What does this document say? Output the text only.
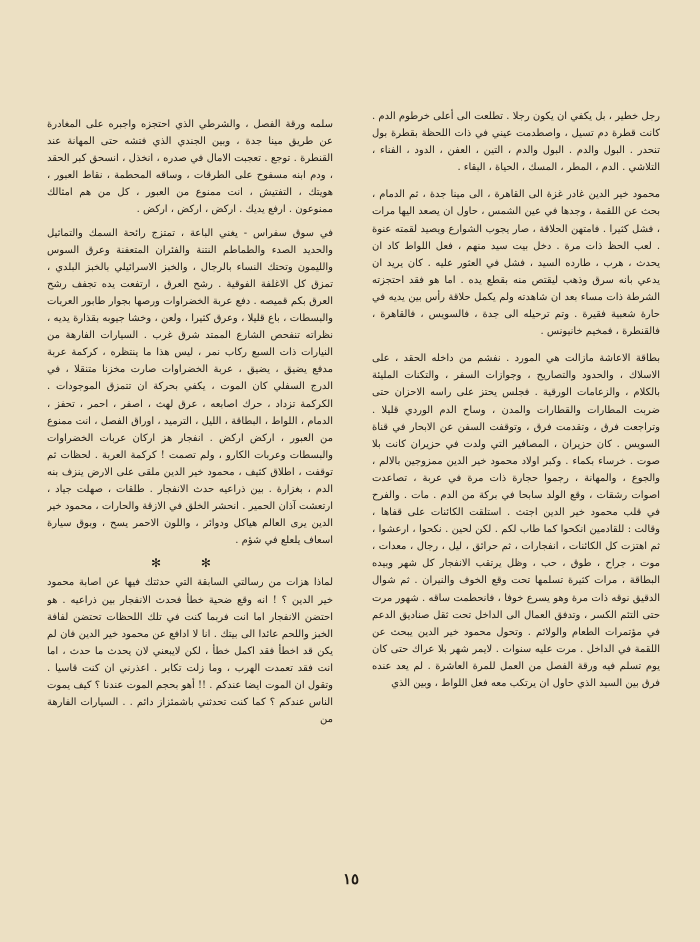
رجل خطير ، بل يكفي ان يكون رجلا . تطلعت الى أعلى خرطوم الدم . كانت قطرة دم تسيل ، واصطدمت عيني في ذات اللحظة بقطرة بول تنحدر . البول والدم . البول والدم ، التين ، العفن ، الدود ، الفناء ، التلاشي . الدم ، المطر ، المسك ، الحياة ، البقاء .

محمود خير الدين غادر غزة الى القاهرة ، الى مينا جدة ، ثم الدمام ، بحث عن اللقمة ، وجدها في عين الشمس ، حاول ان يصعد اليها مرات ، فشل كثيرا . فامتهن الحلاقة ، صار يجوب الشوارع ويصيد لقمته عنوة . لعب الحظ ذات مرة . دخل بيت سيد منهم ، فعل اللواط كاد ان يحدث ، هرب ، طارده السيد ، فشل في العثور عليه . كان يريد ان يدعي بانه سرق وذهب ليقتص منه بقطع يده . اما هو فقد احتجزته الشرطة ذات مساء بعد ان شاهدته ولم يكمل حلاقة رأس بين يديه في حارة شعبية فقيرة . وتم ترحيله الى جدة ، فالسويس ، فالقاهرة ، فالقنطرة ، فمخيم خانيونس .

بطاقة الاعاشة مازالت هي المورد . نفشم من داخله الحقد ، على الاسلاك ، والحدود والتصاريح ، وجوازات السفر ، والتكنات المليئة بالكلام ، والزعامات الورقية . فجلس يحتز على راسه الاحزان حتى ضربت المطارات والقطارات والمدن ، وساح الدم الوردي قليلا . وتراجعت فرق ، وتقدمت فرق ، وتوقفت السفن عن الابحار في قناة السويس . كان حزيران ، المصافير التي ولدت في حزيران كانت بلا صوت . خرساء بكماء . وكبر اولاد محمود خير الدين ممزوجين بالالم ، والجوع ، والمهانة ، رجموا حجارة ذات مرة في عربة ، تصاعدت اصوات رشقات ، وقع الولد سابحا في بركة من الدم . مات . والفرح في قلب محمود خير الدين اجتث . استلقت الكائنات على قفاها ، وقالت : للقادمين انكحوا كما طاب لكم . لكن لحين . نكحوا ، ارعشوا ، ثم اهتزت كل الكائنات ، انفجارات ، ثم حرائق ، ليل ، رجال ، معدات ، موت ، جراح ، طوق ، حب ، وظل يرتقب الانفجار كل شهر وبيده البطاقة ، مرات كثيرة تسلمها تحت وقع الخوف والنيران . ثم شوال الدقيق نوقه ذات مرة وهو يسرع خوفا ، فانحطمت ساقه . شهور مرت حتى التئم الكسر ، وتدفق العمال الى الداخل تحت ثقل صناديق الدعم في مؤتمرات الطعام والولائم . وتحول محمود خير الدين يبحث عن اللقمة في الداخل . مرت عليه سنوات . لايمر شهر بلا عراك حتى كان يوم تسلم فيه ورقة الفصل من العمل للمرة العاشرة . لم يعد عنده فرق بين السيد الذي حاول ان يرتكب معه فعل اللواط ، وبين الذي

سلمه ورقة الفصل ، والشرطي الذي احتجزه واجبره على المغادرة عن طريق مينا جدة ، وبين الجندي الذي فتشه حتى المهانة عند القنطرة . توجع . تعجبت الامال في صدره ، انخذل ، انسحق كبر الحقد ، ودم ابنه مسفوح على الطرقات ، وساقه المحطمة ، نقاط العبور ، هويتك ، التفتيش ، انت ممنوع من العبور ، كل من هم امثالك ممنوعون . ارفع يديك . اركض ، اركض ، اركض .

في سوق سفراس - يغني الباعة ، تمتزج رائحة السمك والتماثيل والحديد الصدء والطماطم النتنة والفئران المتعفنة وعرق السوس والليمون وتحتك النساء بالرجال ، والخبز الاسرائيلي بالخبز البلدي ، تمزق كل الاغلفة الفوقية . رشح العرق ، ارتفعت يده تجفف رشح العرق بكم قميصه . دفع عربة الخضراوات ورصها بجوار طابور العربات والبسطات ، باع قليلا ، وعرق كثيرا ، ولعن ، وخشا جيوبه بقذارة يديه ، نظراته تنفحص الشارع الممتد شرق غرب . السيارات الفارهة من النيارات ذات السبع ركاب نمر ، ليس هذا ما ينتظره ، كركمة عربة مدفع يضيق ، يضيق ، عربة الخضراوات صارت مخزنا متنقلا ، في الدرج السفلي كان الموت ، يكفي بحركة ان تتمزق الموجودات . الكركمة تزداد ، حرك اصابعه ، عرق لهث ، اصفر ، احمر ، تحفز ، الدمام ، اللواط ، البطاقة ، الليل ، الترميد ، اوراق الفصل ، انت ممنوع من العبور ، اركض اركض . انفجار هز اركان عربات الخضراوات والبسطات وعربات الكارو ، ولم تصمت ! كركمة العربة . لحظات ثم توقفت ، اطلاق كثيف ، محمود خير الدين ملقى على الارض ينزف بنه الدم ، بغزارة . بين ذراعيه حدث الانفجار . طلقات ، صهلت جياد ، ارتعشت آذان الحمير . انحشر الخلق في الازقة والحارات ، محمود خير الدين يرى العالم هياكل ودوائر ، واللون الاحمر يسح ، وبوق سيارة اسعاف يلعلع في شؤم .

✻ ✻

لماذا هزات من رسالتي السابقة التي حدثتك فيها عن اصابة محمود خير الدين ؟ ! انه وقع ضحية خطأ فحدث الانفجار بين ذراعيه . هو احتضن الانفجار اما انت فربما كنت في تلك اللحظات تحتضن لفافة الخبز واللحم عائدا الى بيتك . انا لا ادافع عن محمود خير الدين فان لم يكن قد اخطأ فقد اكمل خطأ ، لكن لايبعني لان يحدث ما حدث ، اما انت فقد تعمدت الهرب ، وما زلت تكابر . اعذرني ان كنت قاسيا . وتقول ان الموت ايضا عندكم . !! أهو بحجم الموت عندنا ؟ كيف يموت الناس عندكم ؟ كما كنت تحدثني باشمئزاز دائم . . السيارات الفارهة من

١٥
